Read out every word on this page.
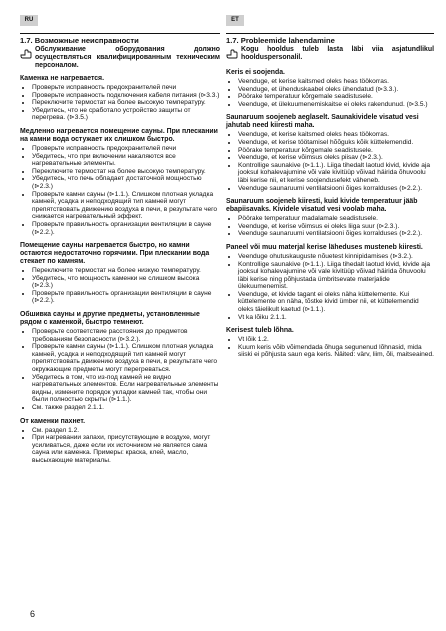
RU	ET
1.7. Возможные неисправности
Обслуживание оборудования должно осуществляться квалифицированным техническим персоналом.
Каменка не нагревается.
• Проверьте исправность предохранителей печи
• Проверьте исправность подключения кабеля питания (⊳3.3.)
• Переключите термостат на более высокую температуру.
• Убедитесь, что не сработало устройство защиты от перегрева. (⊳3.5.)
Медленно нагревается помещение сауны. При плескании на камни вода остужает их слишком быстро.
• Проверьте исправность предохранителей печи
• Убедитесь, что при включении накаляются все нагревательные элементы.
• Переключите термостат на более высокую температуру.
• Убедитесь, что печь обладает достаточной мощностью (⊳2.3.)
• Проверьте камни сауны (⊳1.1.). Слишком плотная укладка камней, усадка и неподходящий тип камней могут препятствовать движению воздуха в печи, в результате чего снижается нагревательный эффект.
• Проверьте правильность организации вентиляции в сауне (⊳2.2.).
Помещение сауны нагревается быстро, но камни остаются недостаточно горячими. При плескании вода стекает по камням.
• Переключите термостат на более низкую температуру.
• Убедитесь, что мощность каменки не слишком высока (⊳2.3.)
• Проверьте правильность организации вентиляции в сауне (⊳2.2.).
Обшивка сауны и другие предметы, установленные рядом с каменкой, быстро темнеют.
• Проверьте соответствие расстояния до предметов требованиям безопасности (⊳3.2.).
• Проверьте камни сауны (⊳1.1.). Слишком плотная укладка камней, усадка и неподходящий тип камней могут препятствовать движению воздуха в печи, в результате чего окружающие предметы могут перегреваться.
• Убедитесь в том, что из-под камней не видно нагревательных элементов. Если нагревательные элементы видны, измените порядок укладки камней так, чтобы они были полностью скрыты (⊳1.1.).
• См. также раздел 2.1.1.
От каменки пахнет.
• См. раздел 1.2.
• При нагревании запахи, присутствующие в воздухе, могут усиливаться, даже если их источником не является сама сауна или каменка. Примеры: краска, клей, масло, высыхающие материалы.
1.7. Probleemide lahendamine
Kogu hooldus tuleb lasta läbi viia asjatundlikul hoolduspersonalil.
Keris ei soojenda.
• Veenduge, et kerise kaitsmed oleks heas töökorras.
• Veenduge, et ühenduskaabel oleks ühendatud (⊳3.3.).
• Pöörake temperatuur kõrgemale seadistusele.
• Veenduge, et ülekuumenemiskaitse ei oleks rakendunud. (⊳3.5.)
Saunaruum soojeneb aeglaselt. Saunakividele visatud vesi jahutab need kiiresti maha.
• Veenduge, et kerise kaitsmed oleks heas töökorras.
• Veenduge, et kerise töötamisel hõõguks kõik küttelemendid.
• Pöörake temperatuur kõrgemale seadistusele.
• Veenduge, et kerise võimsus oleks piisav (⊳2.3.).
• Kontrollige saunakive (⊳1.1.). Liiga tihedalt laotud kivid, kivide aja jooksul kohalevajumine või vale kivitüüp võivad häirida õhuvoolu läbi kerise nii, et kerise soojendusefekt väheneb.
• Veenduge saunaruumi ventilatsiooni õiges korralduses (⊳2.2.).
Saunaruum soojeneb kiiresti, kuid kivide temperatuur jääb ebapiisavaks. Kividele visatud vesi voolab maha.
• Pöörake temperatuur madalamale seadistusele.
• Veenduge, et kerise võimsus ei oleks liiga suur (⊳2.3.).
• Veenduge saunaruumi ventilatsiooni õiges korralduses (⊳2.2.).
Paneel või muu materjal kerise läheduses musteneb kiiresti.
• Veenduge ohutuskauguste nõuetest kinnipidamises (⊳3.2.).
• Kontrollige saunakive (⊳1.1.). Liiga tihedalt laotud kivid, kivide aja jooksul kohalevajumine või vale kivitüüp võivad häirida õhuvoolu läbi kerise ning põhjustada ümbritsevate materjalide ülekuumenemist.
• Veenduge, et kivide tagant ei oleks näha küttelemente. Kui küttelemente on näha, tõstke kivid ümber nii, et küttelemendid oleks täielikult kaetud (⊳1.1.).
• Vt ka lõiku 2.1.1.
Kerisest tuleb lõhna.
• Vt lõik 1.2.
• Kuum keris võib võimendada õhuga segunenud lõhnasid, mida siiski ei põhjusta saun ega keris. Näited: värv, liim, õli, maitseained.
6
